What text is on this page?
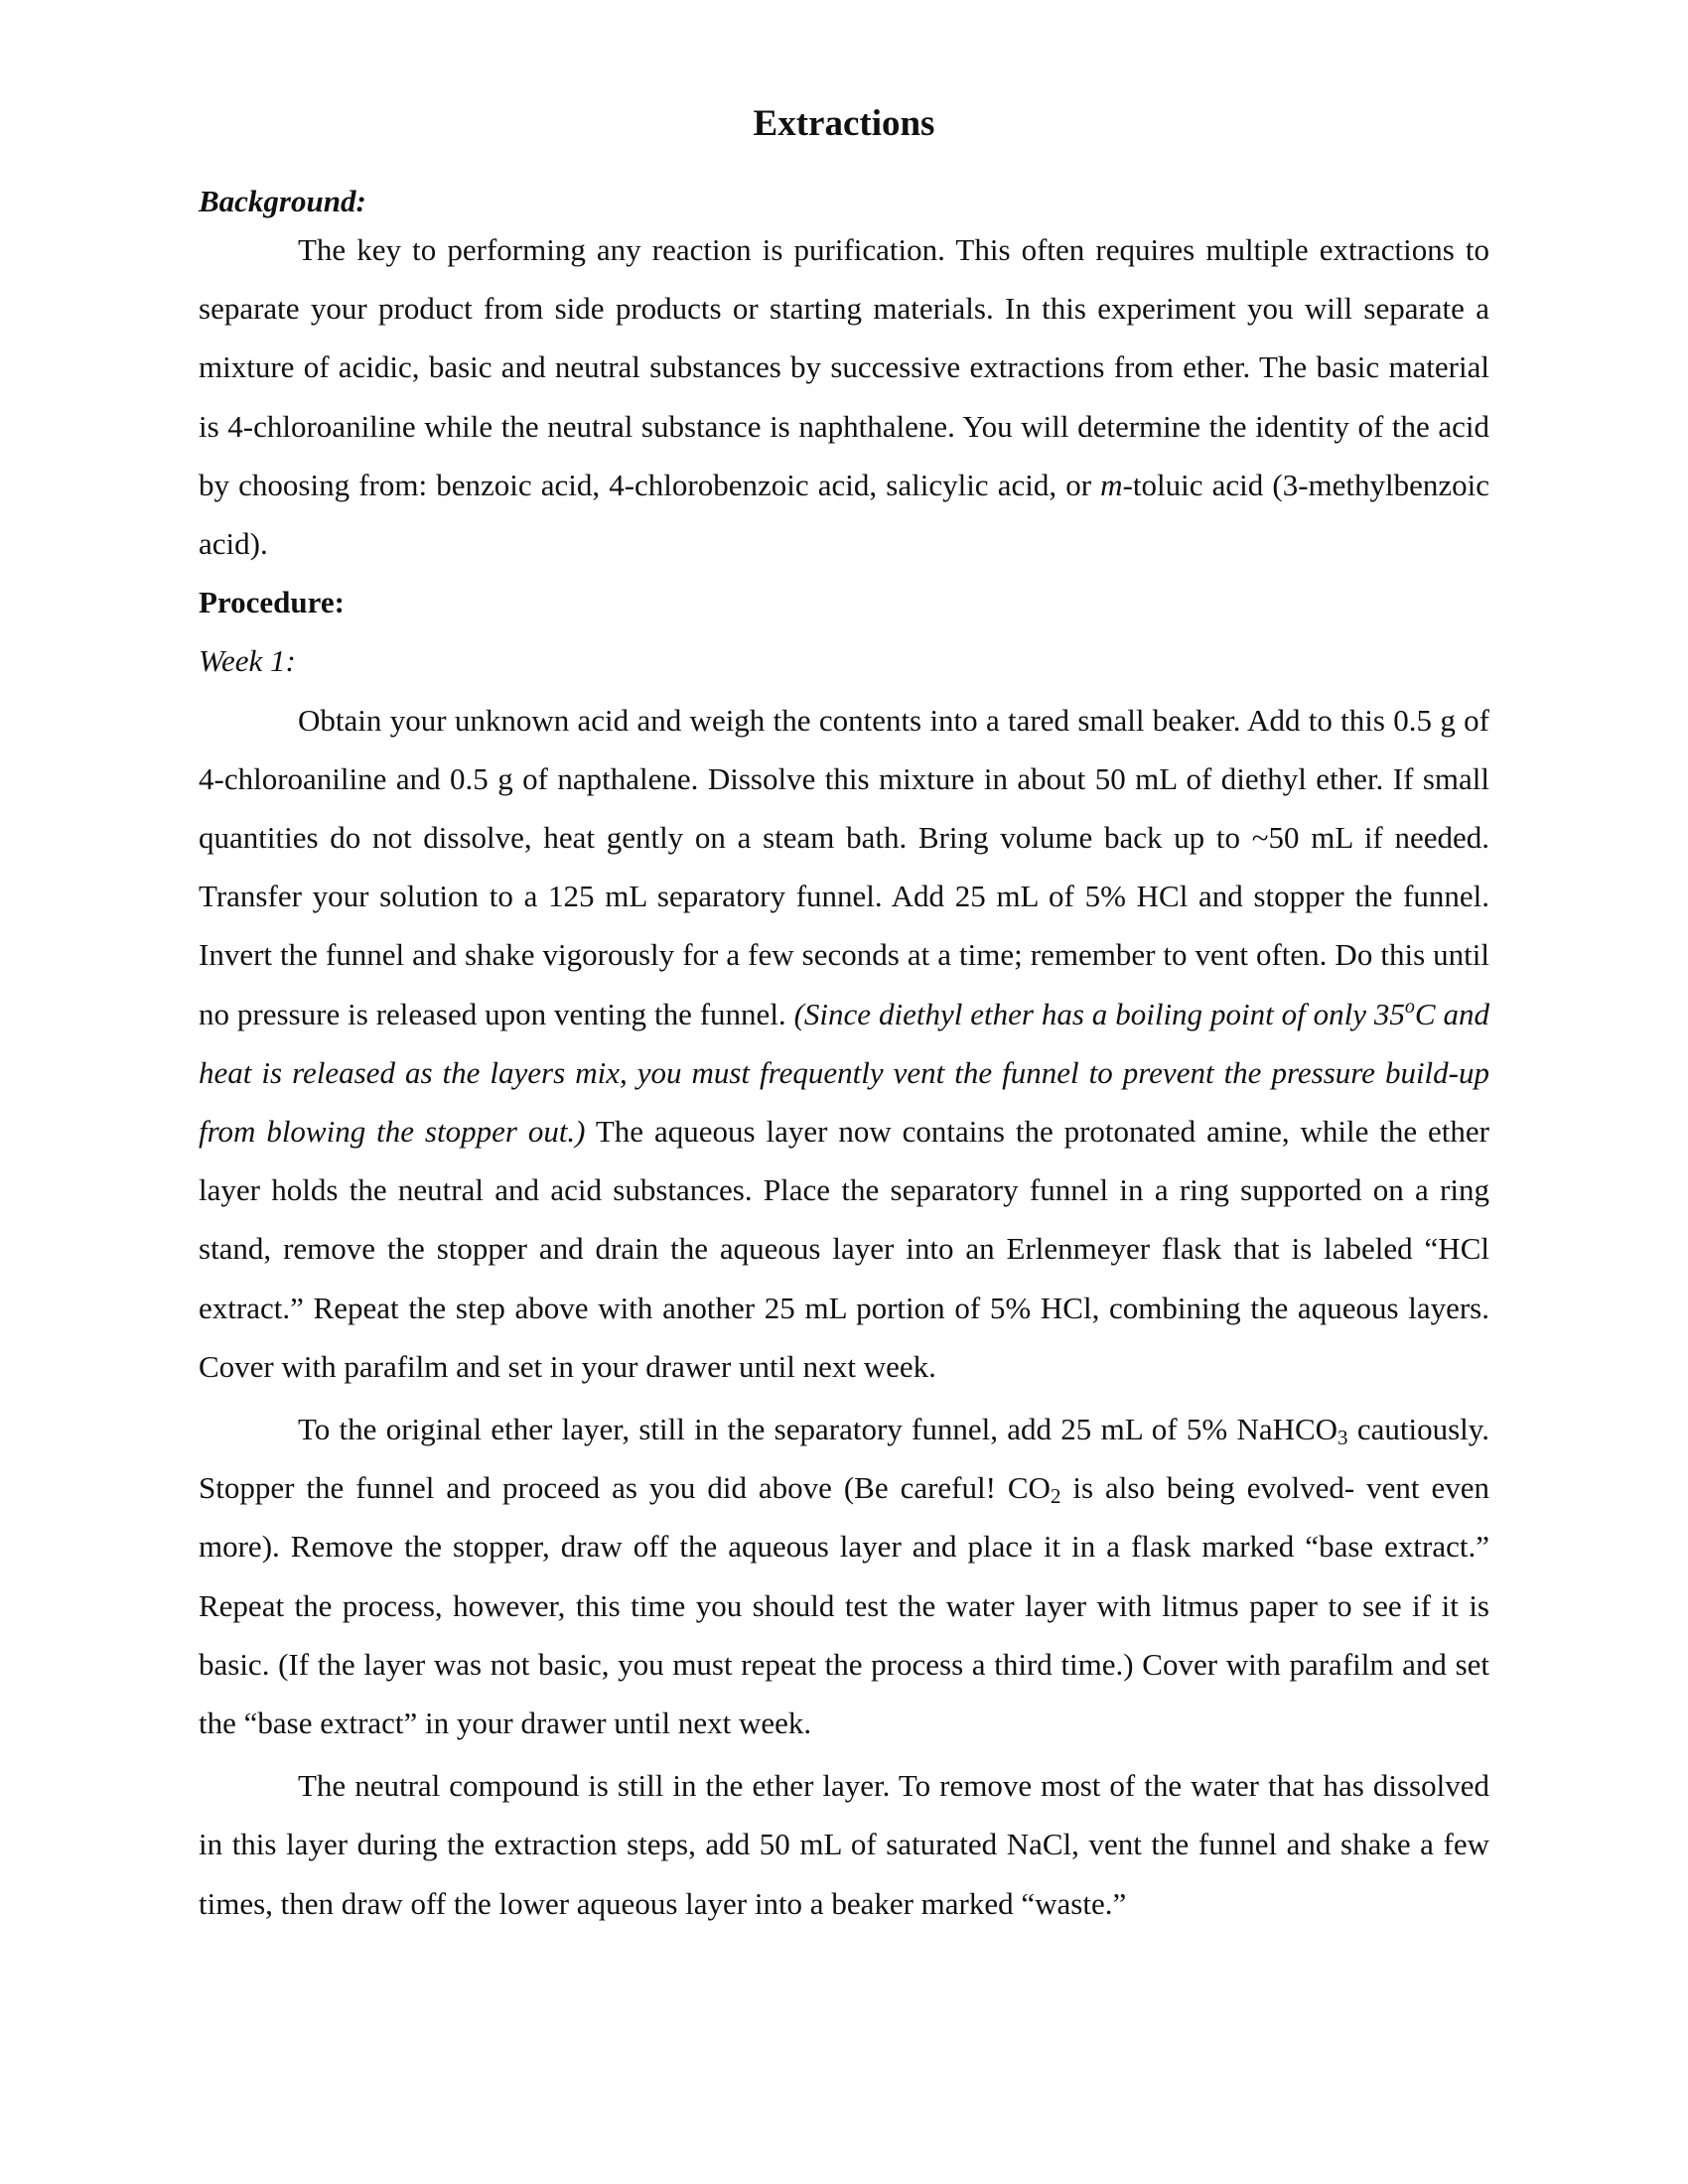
Extractions
Background:

The key to performing any reaction is purification. This often requires multiple extractions to separate your product from side products or starting materials. In this experiment you will separate a mixture of acidic, basic and neutral substances by successive extractions from ether. The basic material is 4-chloroaniline while the neutral substance is naphthalene. You will determine the identity of the acid by choosing from: benzoic acid, 4-chlorobenzoic acid, salicylic acid, or m-toluic acid (3-methylbenzoic acid).

Procedure:
Week 1:

Obtain your unknown acid and weigh the contents into a tared small beaker. Add to this 0.5 g of 4-chloroaniline and 0.5 g of napthalene. Dissolve this mixture in about 50 mL of diethyl ether. If small quantities do not dissolve, heat gently on a steam bath. Bring volume back up to ~50 mL if needed. Transfer your solution to a 125 mL separatory funnel. Add 25 mL of 5% HCl and stopper the funnel. Invert the funnel and shake vigorously for a few seconds at a time; remember to vent often. Do this until no pressure is released upon venting the funnel. (Since diethyl ether has a boiling point of only 35$^o$C and heat is released as the layers mix, you must frequently vent the funnel to prevent the pressure build-up from blowing the stopper out.) The aqueous layer now contains the protonated amine, while the ether layer holds the neutral and acid substances. Place the separatory funnel in a ring supported on a ring stand, remove the stopper and drain the aqueous layer into an Erlenmeyer flask that is labeled “HCl extract.” Repeat the step above with another 25 mL portion of 5% HCl, combining the aqueous layers. Cover with parafilm and set in your drawer until next week.

To the original ether layer, still in the separatory funnel, add 25 mL of 5% NaHCO$_3$ cautiously. Stopper the funnel and proceed as you did above (Be careful! $CO_2$ is also being evolved- vent even more). Remove the stopper, draw off the aqueous layer and place it in a flask marked “base extract.” Repeat the process, however, this time you should test the water layer with litmus paper to see if it is basic. (If the layer was not basic, you must repeat the process a third time.) Cover with parafilm and set the “base extract” in your drawer until next week.

The neutral compound is still in the ether layer. To remove most of the water that has dissolved in this layer during the extraction steps, add 50 mL of saturated NaCl, vent the funnel and shake a few times, then draw off the lower aqueous layer into a beaker marked “waste.”
